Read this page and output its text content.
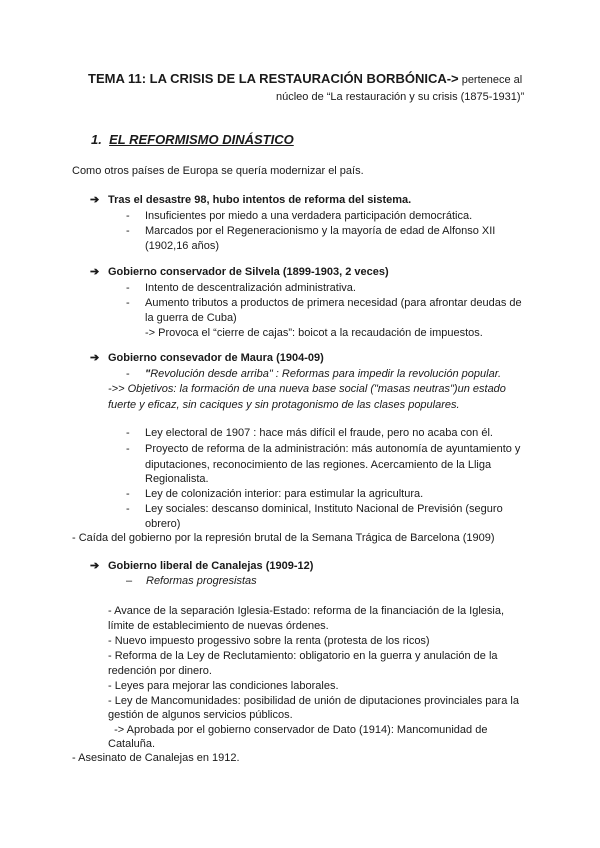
TEMA 11: LA CRISIS DE LA RESTAURACIÓN BORBÓNICA-> pertenece al
núcleo de “La restauración y su crisis (1875-1931)”
1. EL REFORMISMO DINÁSTICO
Como otros países de Europa se quería modernizar el país.
➔ Tras el desastre 98, hubo intentos de reforma del sistema.
- Insuficientes por miedo a una verdadera participación democrática.
- Marcados por el Regeneracionismo y la mayoría de edad de Alfonso XII
(1902,16 años)
➔ Gobierno conservador de Silvela (1899-1903, 2 veces)
- Intento de descentralización administrativa.
- Aumento tributos a productos de primera necesidad (para afrontar deudas de
la guerra de Cuba)
-> Provoca el “cierre de cajas”: boicot a la recaudación de impuestos.
➔ Gobierno consevador de Maura (1904-09)
- "Revolución desde arriba" : Reformas para impedir la revolución popular.
->> Objetivos: la formación de una nueva base social ("masas neutras")un estado
fuerte y eficaz, sin caciques y sin protagonismo de las clases populares.
- Ley electoral de 1907 : hace más difícil el fraude, pero no acaba con él.
- Proyecto de reforma de la administración: más autonomía de ayuntamiento y
diputaciones, reconocimiento de las regiones. Acercamiento de la Lliga
Regionalista.
- Ley de colonización interior: para estimular la agricultura.
- Ley sociales: descanso dominical, Instituto Nacional de Previsión (seguro
obrero)
- Caída del gobierno por la represión brutal de la Semana Trágica de Barcelona (1909)
➔ Gobierno liberal de Canalejas (1909-12)
– Reformas progresistas
- Avance de la separación Iglesia-Estado: reforma de la financiación de la Iglesia,
límite de establecimiento de nuevas órdenes.
- Nuevo impuesto progessivo sobre la renta (protesta de los ricos)
- Reforma de la Ley de Reclutamiento: obligatorio en la guerra y anulación de la
redención por dinero.
- Leyes para mejorar las condiciones laborales.
- Ley de Mancomunidades: posibilidad de unión de diputaciones provinciales para la
gestión de algunos servicios públicos.
-> Aprobada por el gobierno conservador de Dato (1914): Mancomunidad de
Cataluña.
- Asesinato de Canalejas en 1912.
